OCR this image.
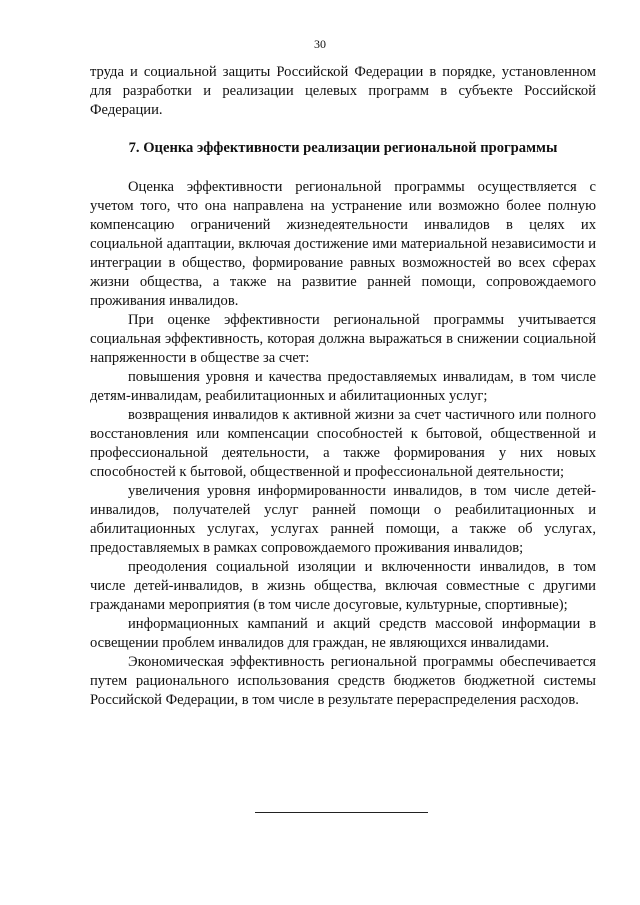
30

труда и социальной защиты Российской Федерации в порядке, установленном для разработки и реализации целевых программ в субъекте Российской Федерации.

7. Оценка эффективности реализации региональной программы

Оценка эффективности региональной программы осуществляется с учетом того, что она направлена на устранение или возможно более полную компенсацию ограничений жизнедеятельности инвалидов в целях их социальной адаптации, включая достижение ими материальной независимости и интеграции в общество, формирование равных возможностей во всех сферах жизни общества, а также на развитие ранней помощи, сопровождаемого проживания инвалидов.

При оценке эффективности региональной программы учитывается социальная эффективность, которая должна выражаться в снижении социальной напряженности в обществе за счет:

повышения уровня и качества предоставляемых инвалидам, в том числе детям-инвалидам, реабилитационных и абилитационных услуг;

возвращения инвалидов к активной жизни за счет частичного или полного восстановления или компенсации способностей к бытовой, общественной и профессиональной деятельности, а также формирования у них новых способностей к бытовой, общественной и профессиональной деятельности;

увеличения уровня информированности инвалидов, в том числе детей-инвалидов, получателей услуг ранней помощи о реабилитационных и абилитационных услугах, услугах ранней помощи, а также об услугах, предоставляемых в рамках сопровождаемого проживания инвалидов;

преодоления социальной изоляции и включенности инвалидов, в том числе детей-инвалидов, в жизнь общества, включая совместные с другими гражданами мероприятия (в том числе досуговые, культурные, спортивные);

информационных кампаний и акций средств массовой информации в освещении проблем инвалидов для граждан, не являющихся инвалидами.

Экономическая эффективность региональной программы обеспечивается путем рационального использования средств бюджетов бюджетной системы Российской Федерации, в том числе в результате перераспределения расходов.
